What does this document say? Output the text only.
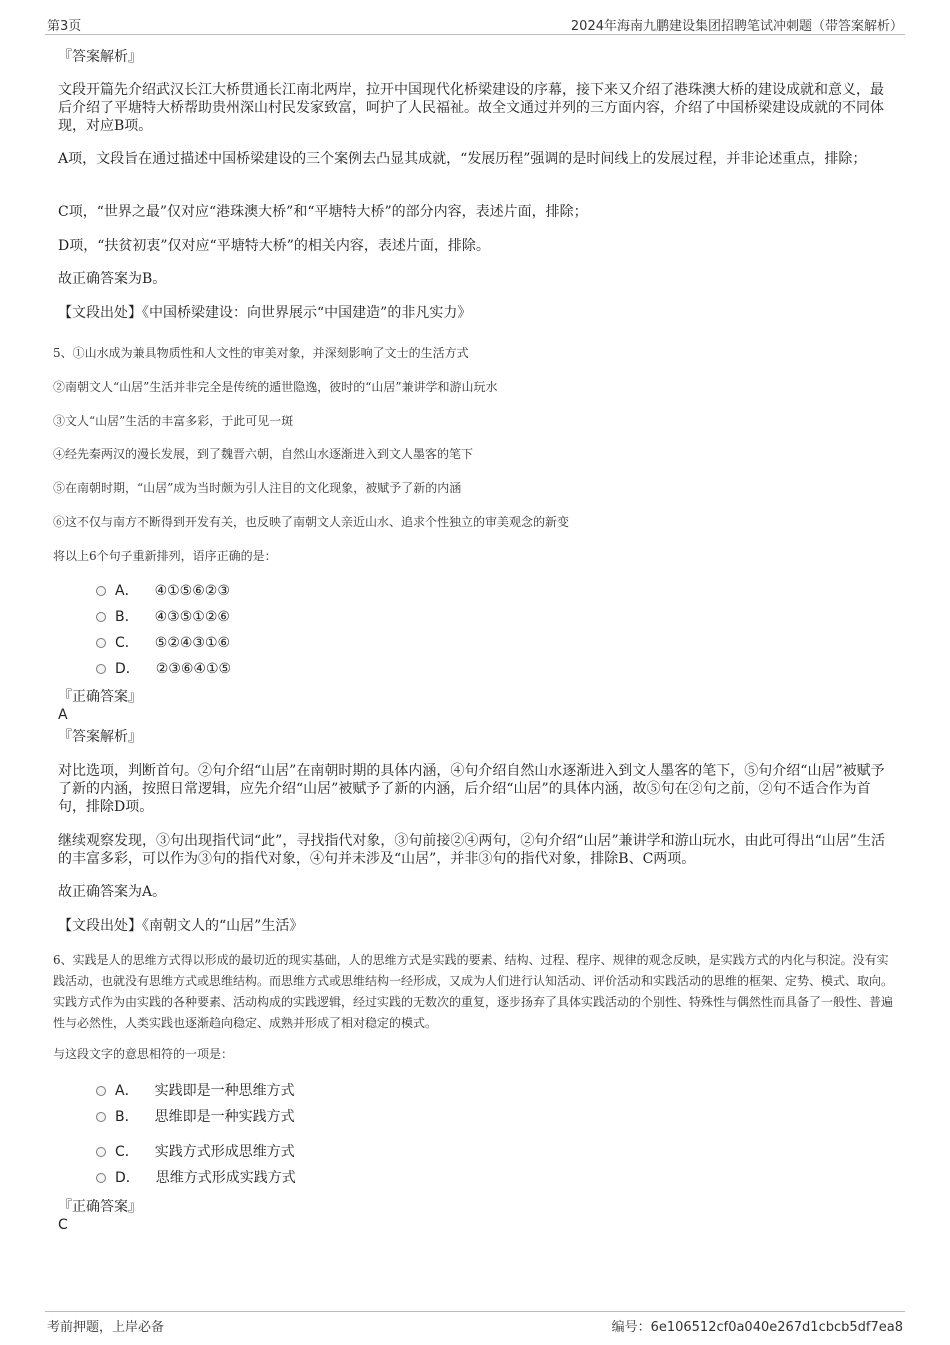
第3页	2024年海南九鹏建设集团招聘笔试冲刺题（带答案解析）
『答案解析』
文段开篇先介绍武汉长江大桥贯通长江南北两岸，拉开中国现代化桥梁建设的序幕，接下来又介绍了港珠澳大桥的建设成就和意义，最后介绍了平塘特大桥帮助贵州深山村民发家致富，呵护了人民福祉。故全文通过并列的三方面内容，介绍了中国桥梁建设成就的不同体现，对应B项。
A项，文段旨在通过描述中国桥梁建设的三个案例去凸显其成就，“发展历程”强调的是时间线上的发展过程，并非论述重点，排除；
C项，“世界之最”仅对应“港珠澳大桥”和“平塘特大桥”的部分内容，表述片面，排除；
D项，“扶贫初衷”仅对应“平塘特大桥”的相关内容，表述片面，排除。
故正确答案为B。
【文段出处】《中国桥梁建设：向世界展示“中国建造”的非凡实力》
5、①山水成为兼具物质性和人文性的审美对象，并深刻影响了文士的生活方式
②南朝文人“山居”生活并非完全是传统的遁世隐逸，彼时的“山居”兼讲学和游山玩水
③文人“山居”生活的丰富多彩，于此可见一斑
④经先秦两汉的漫长发展，到了魏晋六朝，自然山水逐渐进入到文人墨客的笔下
⑤在南朝时期，“山居”成为当时颇为引人注目的文化现象，被赋予了新的内涵
⑥这不仅与南方不断得到开发有关，也反映了南朝文人亲近山水、追求个性独立的审美观念的新变
将以上6个句子重新排列，语序正确的是：
A． ④①⑤⑥②③
B． ④③⑤①②⑥
C． ⑤②④③①⑥
D． ②③⑥④①⑤
『正确答案』
A
『答案解析』
对比选项，判断首句。②句介绍“山居”在南朝时期的具体内涵，④句介绍自然山水逐渐进入到文人墨客的笔下，⑤句介绍“山居”被赋予了新的内涵，按照日常逻辑，应先介绍“山居”被赋予了新的内涵，后介绍“山居”的具体内涵，故⑤句在②句之前，②句不适合作为首句，排除D项。
继续观察发现，③句出现指代词“此”，寻找指代对象，③句前接②④两句，②句介绍“山居”兼讲学和游山玩水，由此可得出“山居”生活的丰富多彩，可以作为③句的指代对象，④句并未涉及“山居”，并非③句的指代对象，排除B、C两项。
故正确答案为A。
【文段出处】《南朝文人的“山居”生活》
6、实践是人的思维方式得以形成的最切近的现实基础，人的思维方式是实践的要素、结构、过程、程序、规律的观念反映，是实践方式的内化与积淀。没有实践活动，也就没有思维方式或思维结构。而思维方式或思维结构一经形成，又成为人们进行认知活动、评价活动和实践活动的思维的框架、定势、模式、取向。实践方式作为由实践的各种要素、活动构成的实践逻辑，经过实践的无数次的重复，逐步扬弃了具体实践活动的个别性、特殊性与偶然性而具备了一般性、普遍性与必然性，人类实践也逐渐趋向稳定、成熟并形成了相对稳定的模式。
与这段文字的意思相符的一项是：
A． 实践即是一种思维方式
B． 思维即是一种实践方式
C． 实践方式形成思维方式
D． 思维方式形成实践方式
『正确答案』
C
考前押题，上岸必备	编号：6e106512cf0a040e267d1cbcb5df7ea8
